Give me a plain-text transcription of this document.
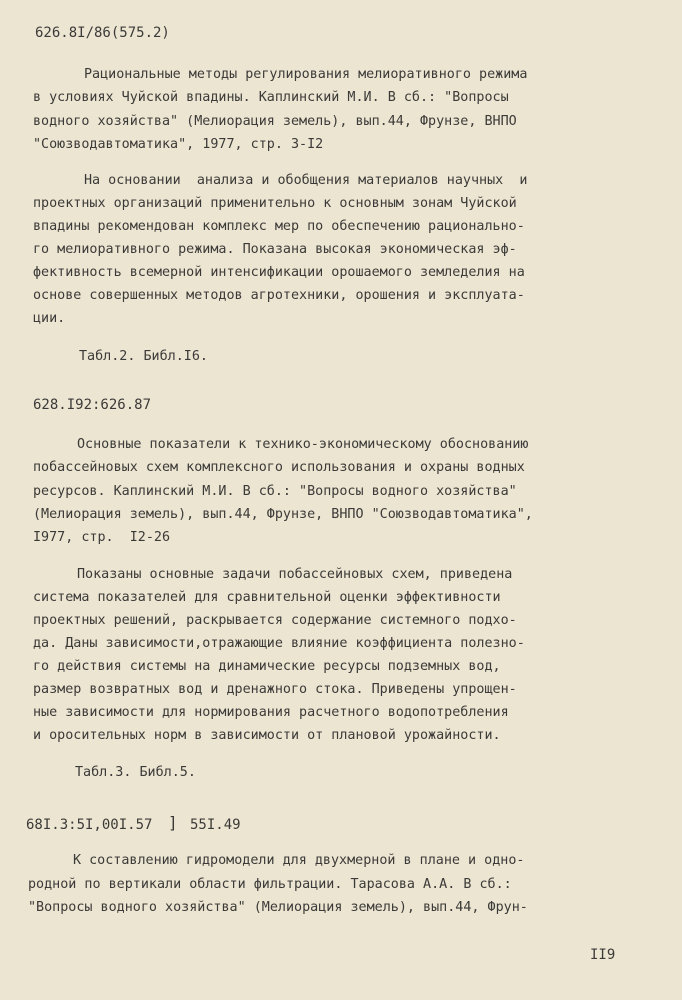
626.8I/86(575.2)
Рациональные методы регулирования мелиоративного режима
в условиях Чуйской впадины. Каплинский М.И. В сб.: "Вопросы
водного хозяйства" (Мелиорация земель), вып.44, Фрунзе, ВНПО
"Союзводавтоматика", 1977, стр. 3-I2
На основании  анализа и обобщения материалов научных  и
проектных организаций применительно к основным зонам Чуйской
впадины рекомендован комплекс мер по обеспечению рационально-
го мелиоративного режима. Показана высокая экономическая эф-
фективность всемерной интенсификации орошаемого земледелия на
основе совершенных методов агротехники, орошения и эксплуата-
ции.
Табл.2. Библ.I6.
628.I92:626.87
Основные показатели к технико-экономическому обоснованию
побассейновых схем комплексного использования и охраны водных
ресурсов. Каплинский М.И. В сб.: "Вопросы водного хозяйства"
(Мелиорация земель), вып.44, Фрунзе, ВНПО "Союзводавтоматика",
I977, стр.  I2-26
Показаны основные задачи побассейновых схем, приведена
система показателей для сравнительной оценки эффективности
проектных решений, раскрывается содержание системного подхо-
да. Даны зависимости,отражающие влияние коэффициента полезно-
го действия системы на динамические ресурсы подземных вод,
размер возвратных вод и дренажного стока. Приведены упрощен-
ные зависимости для нормирования расчетного водопотребления
и оросительных норм в зависимости от плановой урожайности.
Табл.3. Библ.5.
68I.3:5I,00I.57 ] 55I.49
К составлению гидромодели для двухмерной в плане и одно-
родной по вертикали области фильтрации. Тарасова А.А. В сб.:
"Вопросы водного хозяйства" (Мелиорация земель), вып.44, Фрун-
II9
